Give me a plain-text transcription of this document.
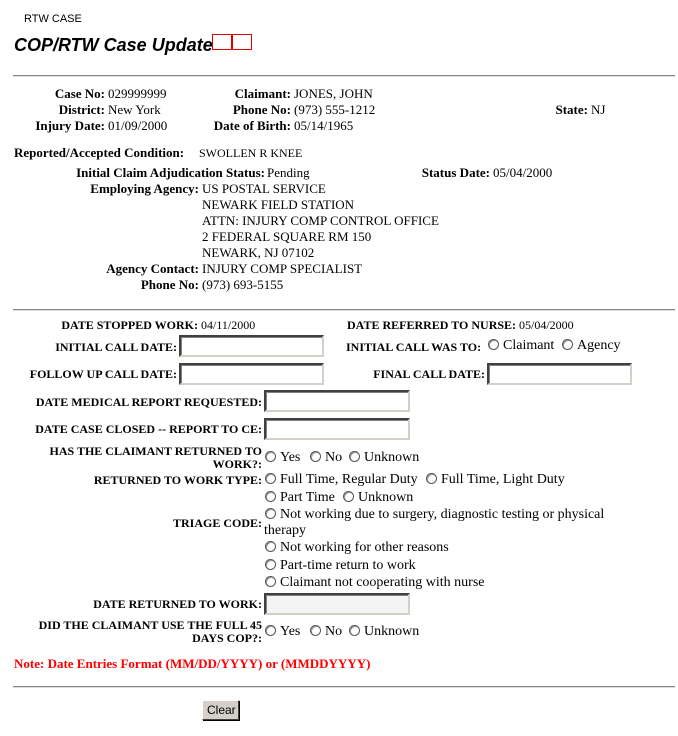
RTW CASE
COP/RTW Case Update
Case No: 029999999
District: New York
Injury Date: 01/09/2000
Claimant: JONES, JOHN
Phone No: (973) 555-1212
Date of Birth: 05/14/1965
State: NJ
Reported/Accepted Condition: SWOLLEN R KNEE
Initial Claim Adjudication Status: Pending	Status Date: 05/04/2000
Employing Agency: US POSTAL SERVICE
NEWARK FIELD STATION
ATTN: INJURY COMP CONTROL OFFICE
2 FEDERAL SQUARE RM 150
NEWARK, NJ 07102
Agency Contact: INJURY COMP SPECIALIST
Phone No: (973) 693-5155
DATE STOPPED WORK: 04/11/2000	DATE REFERRED TO NURSE: 05/04/2000
INITIAL CALL DATE:	INITIAL CALL WAS TO:	Claimant	Agency
FOLLOW UP CALL DATE:	FINAL CALL DATE:
DATE MEDICAL REPORT REQUESTED:
DATE CASE CLOSED -- REPORT TO CE:
HAS THE CLAIMANT RETURNED TO
WORK?:	Yes	No	Unknown
RETURNED TO WORK TYPE:	Full Time, Regular Duty	Full Time, Light Duty
Part Time	Unknown
TRIAGE CODE:
Not working due to surgery, diagnostic testing or physical
therapy
Not working for other reasons
Part-time return to work
Claimant not cooperating with nurse
DATE RETURNED TO WORK:
DID THE CLAIMANT USE THE FULL 45
DAYS COP?:	Yes	No	Unknown
Note: Date Entries Format (MM/DD/YYYY) or (MMDDYYYY)
Clear
